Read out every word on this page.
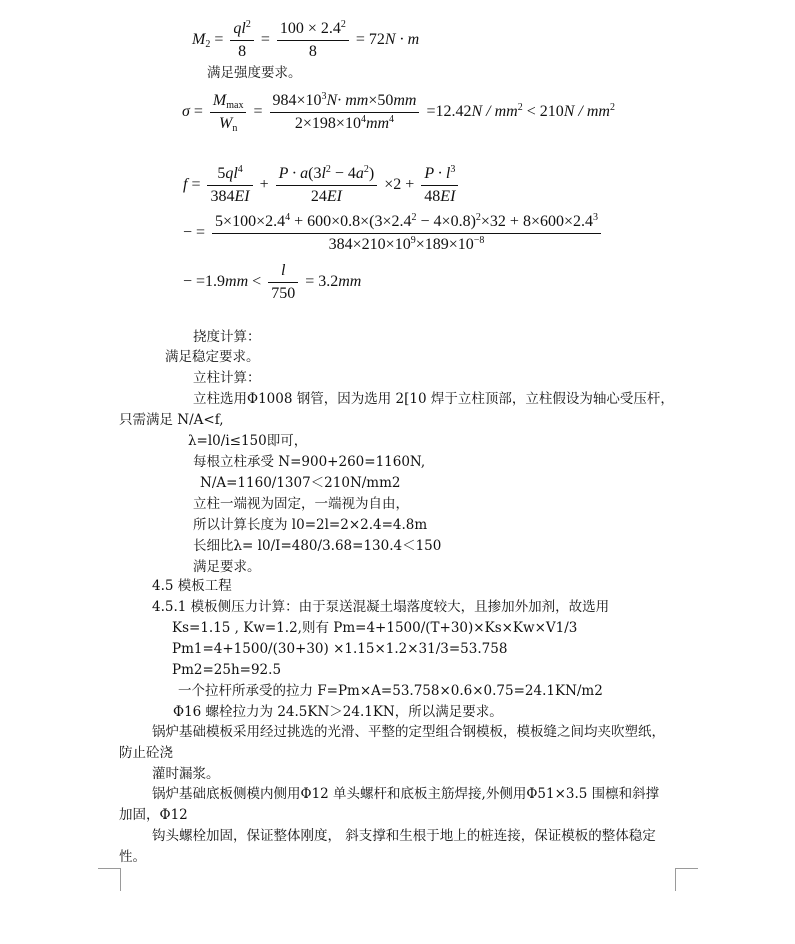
$M_2 = \frac{ql^2}{8} = \frac{100 \times 2.4^2}{8} = 72N \cdot m$
满足强度要求。
$\sigma = \frac{M_{max}}{W_n} = \frac{984\times 10^3N\cdot mm\times 50mm}{2\times 198\times 10^4mm^4} =12.42N / mm^2 < 210N / mm^2$
$f = \frac{5ql^4}{384EI} + \frac{P \cdot a(3l^2 - 4a^2)}{24EI} \times 2 + \frac{P \cdot l^3}{48EI}$
− = $\frac{5\times 100\times 2.4^4 + 600\times 0.8\times(3\times 2.4^2 - 4\times 0.8)^2\times 32 + 8\times 600\times 2.4^3}{384\times 210\times 10^9\times 189\times 10^{-8}}$
− $=1.9mm < \frac{l}{750} = 3.2mm$
挠度计算：
满足稳定要求。
立柱计算：
立柱选用Φ1008 钢管，因为选用 2[10 焊于立柱顶部，立柱假设为轴心受压杆，
只需满足 N/A<f,
λ=l0/i≤150即可，
每根立柱承受 N=900+260=1160N,
N/A=1160/1307＜210N/mm2
立柱一端视为固定，一端视为自由，
所以计算长度为 l0=2l=2×2.4=4.8m
长细比λ= l0/I=480/3.68=130.4＜150
满足要求。
4.5 模板工程
4.5.1 模板侧压力计算：由于泵送混凝土塌落度较大，且掺加外加剂，故选用
Ks=1.15 , Kw=1.2,则有 Pm=4+1500/(T+30)×Ks×Kw×V1/3
Pm1=4+1500/(30+30) ×1.15×1.2×31/3=53.758
Pm2=25h=92.5
一个拉杆所承受的拉力 F=Pm×A=53.758×0.6×0.75=24.1KN/m2
Φ16 螺栓拉力为 24.5KN＞24.1KN，所以满足要求。
锅炉基础模板采用经过挑选的光滑、平整的定型组合钢模板，模板缝之间均夹吹塑纸，
防止砼浇
灌时漏浆。
锅炉基础底板侧模内侧用Φ12 单头螺杆和底板主筋焊接,外侧用Φ51×3.5 围檩和斜撑
加固，Φ12
钩头螺栓加固，保证整体刚度， 斜支撑和生根于地上的桩连接，保证模板的整体稳定
性。
